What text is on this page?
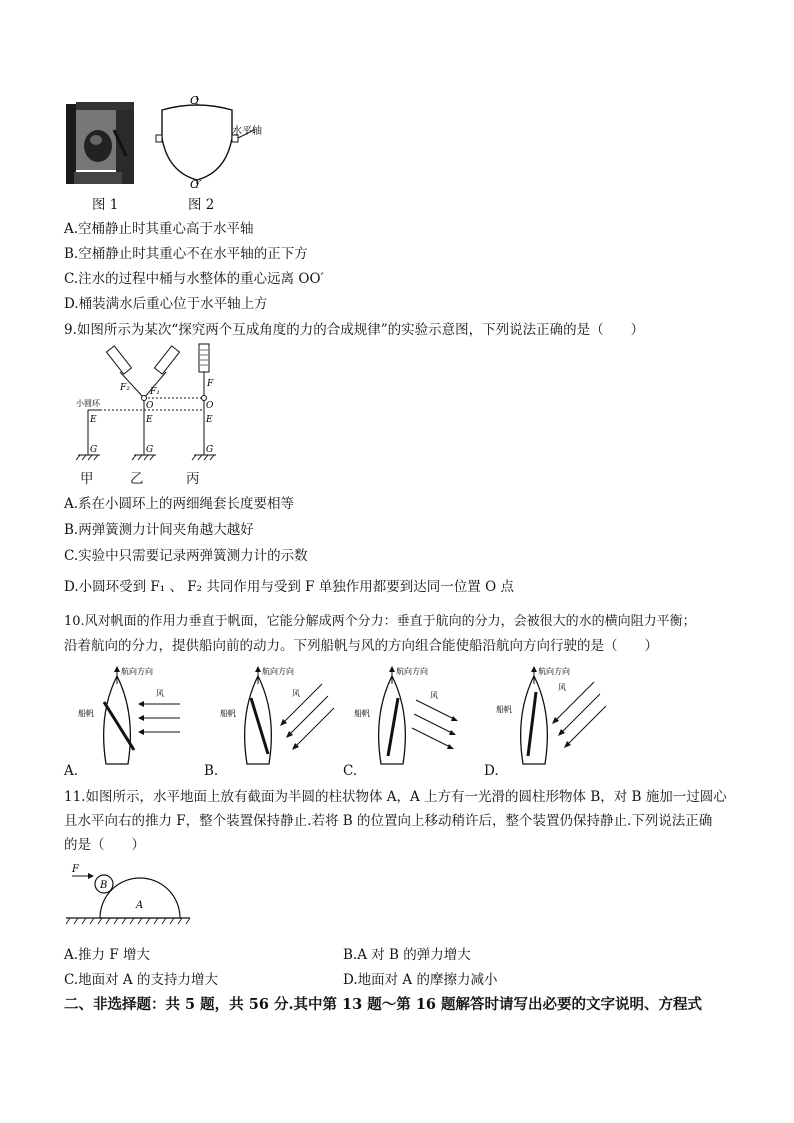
图 1
O
O′
水平轴
图 2
A.空桶静止时其重心高于水平轴
B.空桶静止时其重心不在水平轴的正下方
C.注水的过程中桶与水整体的重心远离 OO′
D.桶装满水后重心位于水平轴上方
9.如图所示为某次“探究两个互成角度的力的合成规律”的实验示意图，下列说法正确的是（　　）
小圆环
F₂ F₁
F
O	O
E	E	E
G	G	G
甲	乙	丙
A.系在小圆环上的两细绳套长度要相等
B.两弹簧测力计间夹角越大越好
C.实验中只需要记录两弹簧测力计的示数
D.小圆环受到 F₁ 、 F₂ 共同作用与受到 F 单独作用都要到达同一位置 O 点
10.风对帆面的作用力垂直于帆面，它能分解成两个分力：垂直于航向的分力，会被很大的水的横向阻力平衡；
沿着航向的分力，提供船向前的动力。下列船帆与风的方向组合能使船沿航向方向行驶的是（　　）
航向方向
风
船帆
A.
航向方向
风
船帆
B.
航向方向
风
船帆
C.
航向方向
风
船帆
D.
11.如图所示，水平地面上放有截面为半圆的柱状物体 A，A 上方有一光滑的圆柱形物体 B，对 B 施加一过圆心
且水平向右的推力 F，整个装置保持静止.若将 B 的位置向上移动稍许后，整个装置仍保持静止.下列说法正确
的是（　　）
F
B
A
A.推力 F 增大	B.A 对 B 的弹力增大
C.地面对 A 的支持力增大	D.地面对 A 的摩擦力减小
二、非选择题：共 5 题，共 56 分.其中第 13 题～第 16 题解答时请写出必要的文字说明、方程式
